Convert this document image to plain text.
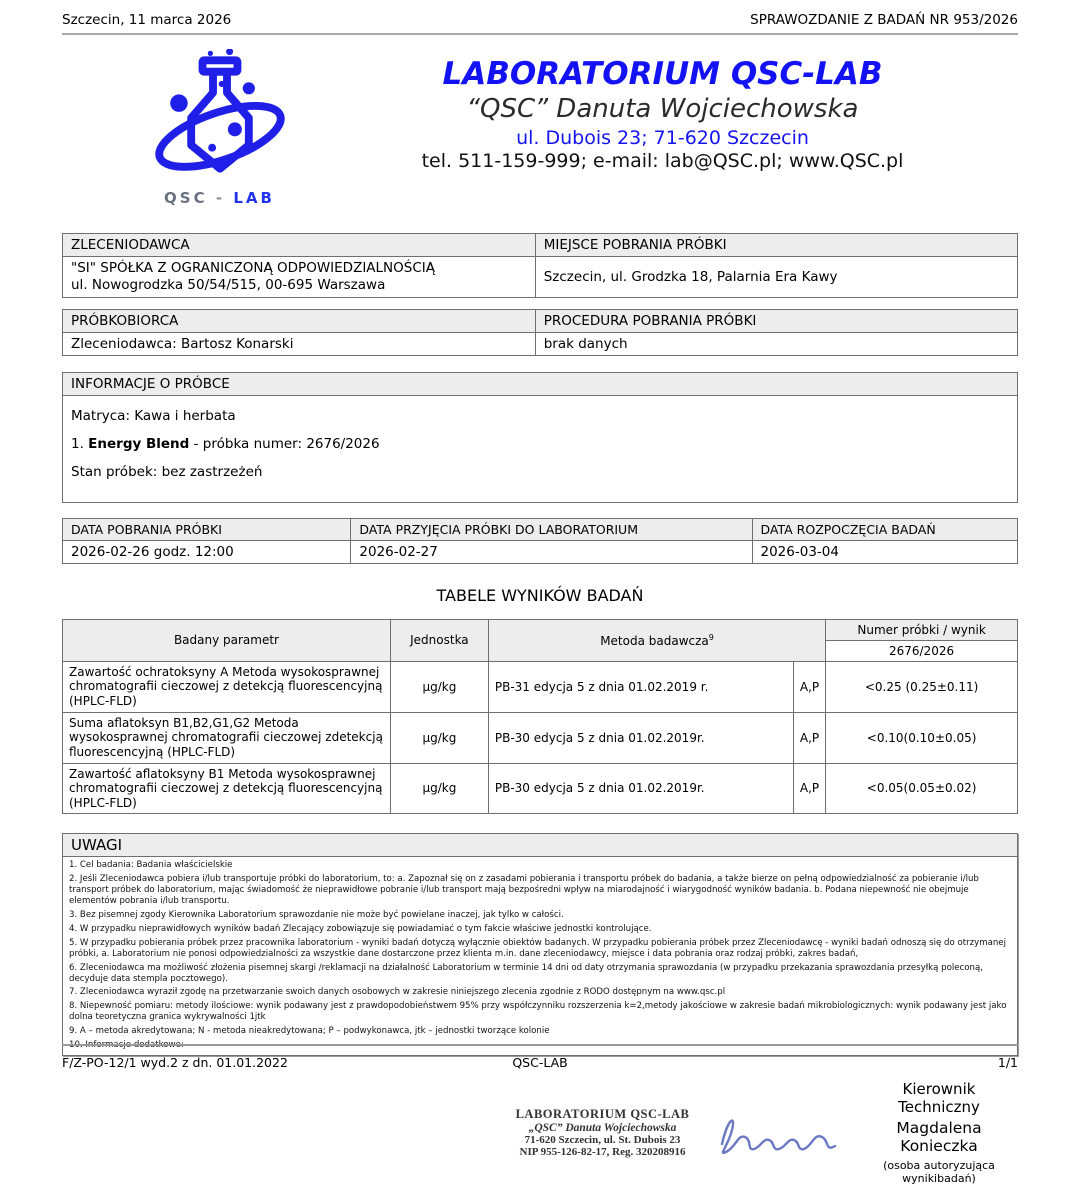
Szczecin, 11 marca 2026	SPRAWOZDANIE Z BADAŃ NR 953/2026
QSC - LAB
LABORATORIUM QSC-LAB
“QSC” Danuta Wojciechowska
ul. Dubois 23; 71-620 Szczecin
tel. 511-159-999; e-mail: lab@QSC.pl; www.QSC.pl
ZLECENIODAWCA	MIEJSCE POBRANIA PRÓBKI

"SI" SPÓŁKA Z OGRANICZONĄ ODPOWIEDZIALNOŚCIĄ
ul. Nowogrodzka 50/54/515, 00-695 Warszawa	Szczecin, ul. Grodzka 18, Palarnia Era Kawy
PRÓBKOBIORCA	PROCEDURA POBRANIA PRÓBKI
Zleceniodawca: Bartosz Konarski	brak danych
INFORMACJE O PRÓBCE
Matryca: Kawa i herbata
1. Energy Blend - próbka numer: 2676/2026
Stan próbek: bez zastrzeżeń
DATA POBRANIA PRÓBKI	DATA PRZYJĘCIA PRÓBKI DO LABORATORIUM	DATA ROZPOCZĘCIA BADAŃ
2026-02-26 godz. 12:00	2026-02-27	2026-03-04
TABELE WYNIKÓW BADAŃ
Badany parametr	Jednostka	Metoda badawcza$^9$		Numer próbki / wynik
				2676/2026
Zawartość ochratoksyny A Metoda wysokosprawnej chromatografii cieczowej z detekcją fluorescencyjną (HPLC-FLD)	µg/kg	PB-31 edycja 5 z dnia 01.02.2019 r.	A,P	<0.25 (0.25±0.11)
Suma aflatoksyn B1,B2,G1,G2 Metoda wysokosprawnej chromatografii cieczowej zdetekcją fluorescencyjną (HPLC-FLD)	µg/kg	PB-30 edycja 5 z dnia 01.02.2019r.	A,P	<0.10(0.10±0.05)
Zawartość aflatoksyny B1 Metoda wysokosprawnej chromatografii cieczowej z detekcją fluorescencyjną (HPLC-FLD)	µg/kg	PB-30 edycja 5 z dnia 01.02.2019r.	A,P	<0.05(0.05±0.02)
UWAGI
1. Cel badania: Badania właścicielskie
2. Jeśli Zleceniodawca pobiera i/lub transportuje próbki do laboratorium, to: a. Zapoznał się on z zasadami pobierania i transportu próbek do badania, a także bierze on pełną odpowiedzialność za pobieranie i/lub transport próbek do laboratorium, mając świadomość że nieprawidłowe pobranie i/lub transport mają bezpośredni wpływ na miarodajność i wiarygodność wyników badania. b. Podana niepewność nie obejmuje elementów pobrania i/lub transportu.
3. Bez pisemnej zgody Kierownika Laboratorium sprawozdanie nie może być powielane inaczej, jak tylko w całości.
4. W przypadku nieprawidłowych wyników badań Zlecający zobowiązuje się powiadamiać o tym fakcie właściwe jednostki kontrolujące.
5. W przypadku pobierania próbek przez pracownika laboratorium - wyniki badań dotyczą wyłącznie obiektów badanych. W przypadku pobierania próbek przez Zleceniodawcę - wyniki badań odnoszą się do otrzymanej próbki, a. Laboratorium nie ponosi odpowiedzialności za wszystkie dane dostarczone przez klienta m.in. dane zleceniodawcy, miejsce i data pobrania oraz rodzaj próbki, zakres badań,
6. Zleceniodawca ma możliwość złożenia pisemnej skargi /reklamacji na działalność Laboratorium w terminie 14 dni od daty otrzymania sprawozdania (w przypadku przekazania sprawozdania przesyłką poleconą, decyduje data stempla pocztowego).
7. Zleceniodawca wyraził zgodę na przetwarzanie swoich danych osobowych w zakresie niniejszego zlecenia zgodnie z RODO dostępnym na www.qsc.pl
8. Niepewność pomiaru: metody ilościowe: wynik podawany jest z prawdopodobieństwem 95% przy współczynniku rozszerzenia k=2,metody jakościowe w zakresie badań mikrobiologicznych: wynik podawany jest jako dolna teoretyczna granica wykrywalności 1jtk
9. A – metoda akredytowana; N - metoda nieakredytowana; P – podwykonawca, jtk – jednostki tworzące kolonie
10. Informacje dodatkowe:
LABORATORIUM QSC-LAB
„QSC” Danuta Wojciechowska
71-620 Szczecin, ul. St. Dubois 23
NIP 955-126-82-17, Reg. 320208916
Kierownik Techniczny
Magdalena Konieczka
(osoba autoryzująca wynikibadań)
F/Z-PO-12/1 wyd.2 z dn. 01.01.2022	QSC-LAB	1/1
